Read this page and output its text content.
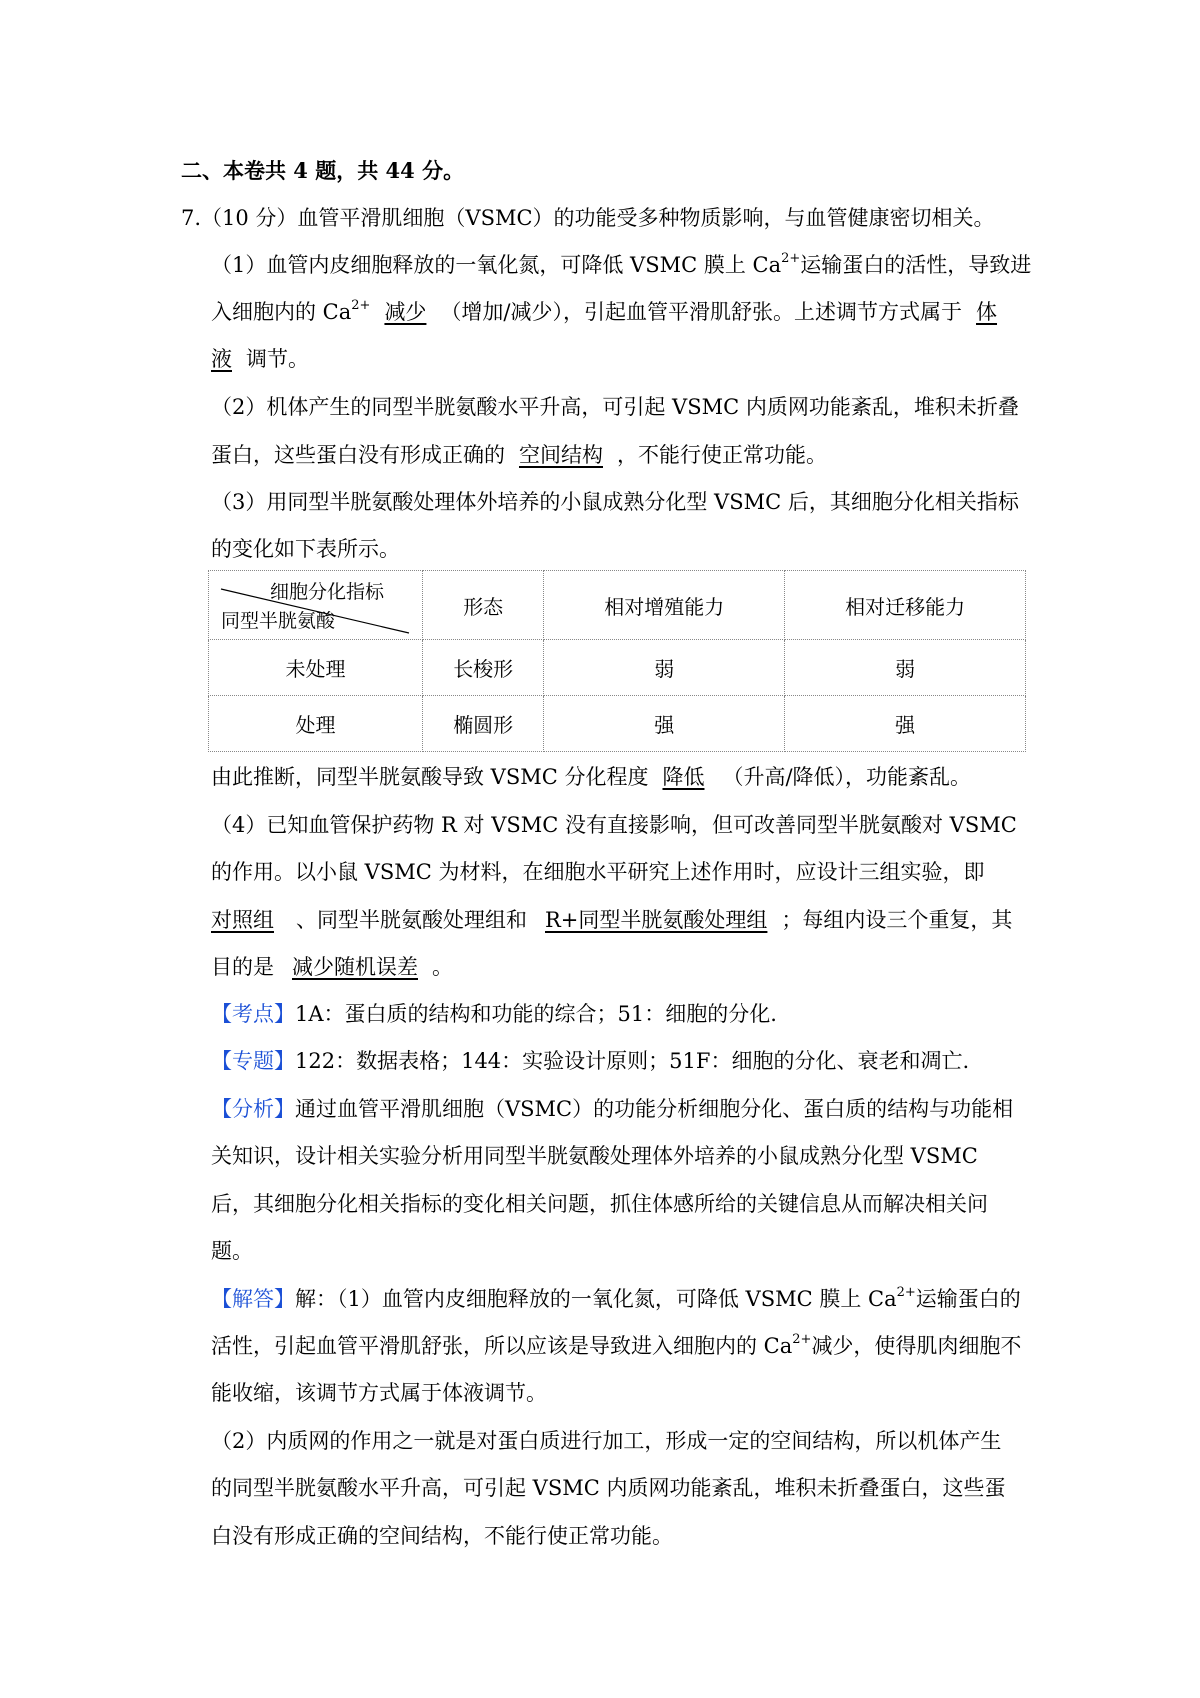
二、本卷共 4 题，共 44 分。
7.（10 分）血管平滑肌细胞（VSMC）的功能受多种物质影响，与血管健康密切相关。
（1）血管内皮细胞释放的一氧化氮，可降低 VSMC 膜上 $Ca^{2+}$运输蛋白的活性，导致进
入细胞内的 $Ca^{2+}$ 减少 （增加/减少），引起血管平滑肌舒张。上述调节方式属于 体
液 调节。
（2）机体产生的同型半胱氨酸水平升高，可引起 VSMC 内质网功能紊乱，堆积未折叠
蛋白，这些蛋白没有形成正确的 空间结构 ，不能行使正常功能。
（3）用同型半胱氨酸处理体外培养的小鼠成熟分化型 VSMC 后，其细胞分化相关指标
的变化如下表所示。
细胞分化指标
同型半胱氨酸	形态	相对增殖能力	相对迁移能力
未处理	长梭形	弱	弱
处理	椭圆形	强	强
由此推断，同型半胱氨酸导致 VSMC 分化程度 降低 （升高/降低），功能紊乱。
（4）已知血管保护药物 R 对 VSMC 没有直接影响，但可改善同型半胱氨酸对 VSMC
的作用。以小鼠 VSMC 为材料，在细胞水平研究上述作用时，应设计三组实验，即
对照组 、同型半胱氨酸处理组和 R+同型半胱氨酸处理组 ；每组内设三个重复，其
目的是 减少随机误差 。
【考点】1A：蛋白质的结构和功能的综合；51：细胞的分化.
【专题】122：数据表格；144：实验设计原则；51F：细胞的分化、衰老和凋亡.
【分析】通过血管平滑肌细胞（VSMC）的功能分析细胞分化、蛋白质的结构与功能相
关知识，设计相关实验分析用同型半胱氨酸处理体外培养的小鼠成熟分化型 VSMC
后，其细胞分化相关指标的变化相关问题，抓住体感所给的关键信息从而解决相关问
题。
【解答】解：（1）血管内皮细胞释放的一氧化氮，可降低 VSMC 膜上 $Ca^{2+}$运输蛋白的
活性，引起血管平滑肌舒张，所以应该是导致进入细胞内的 $Ca^{2+}$减少，使得肌肉细胞不
能收缩，该调节方式属于体液调节。
（2）内质网的作用之一就是对蛋白质进行加工，形成一定的空间结构，所以机体产生
的同型半胱氨酸水平升高，可引起 VSMC 内质网功能紊乱，堆积未折叠蛋白，这些蛋
白没有形成正确的空间结构，不能行使正常功能。
